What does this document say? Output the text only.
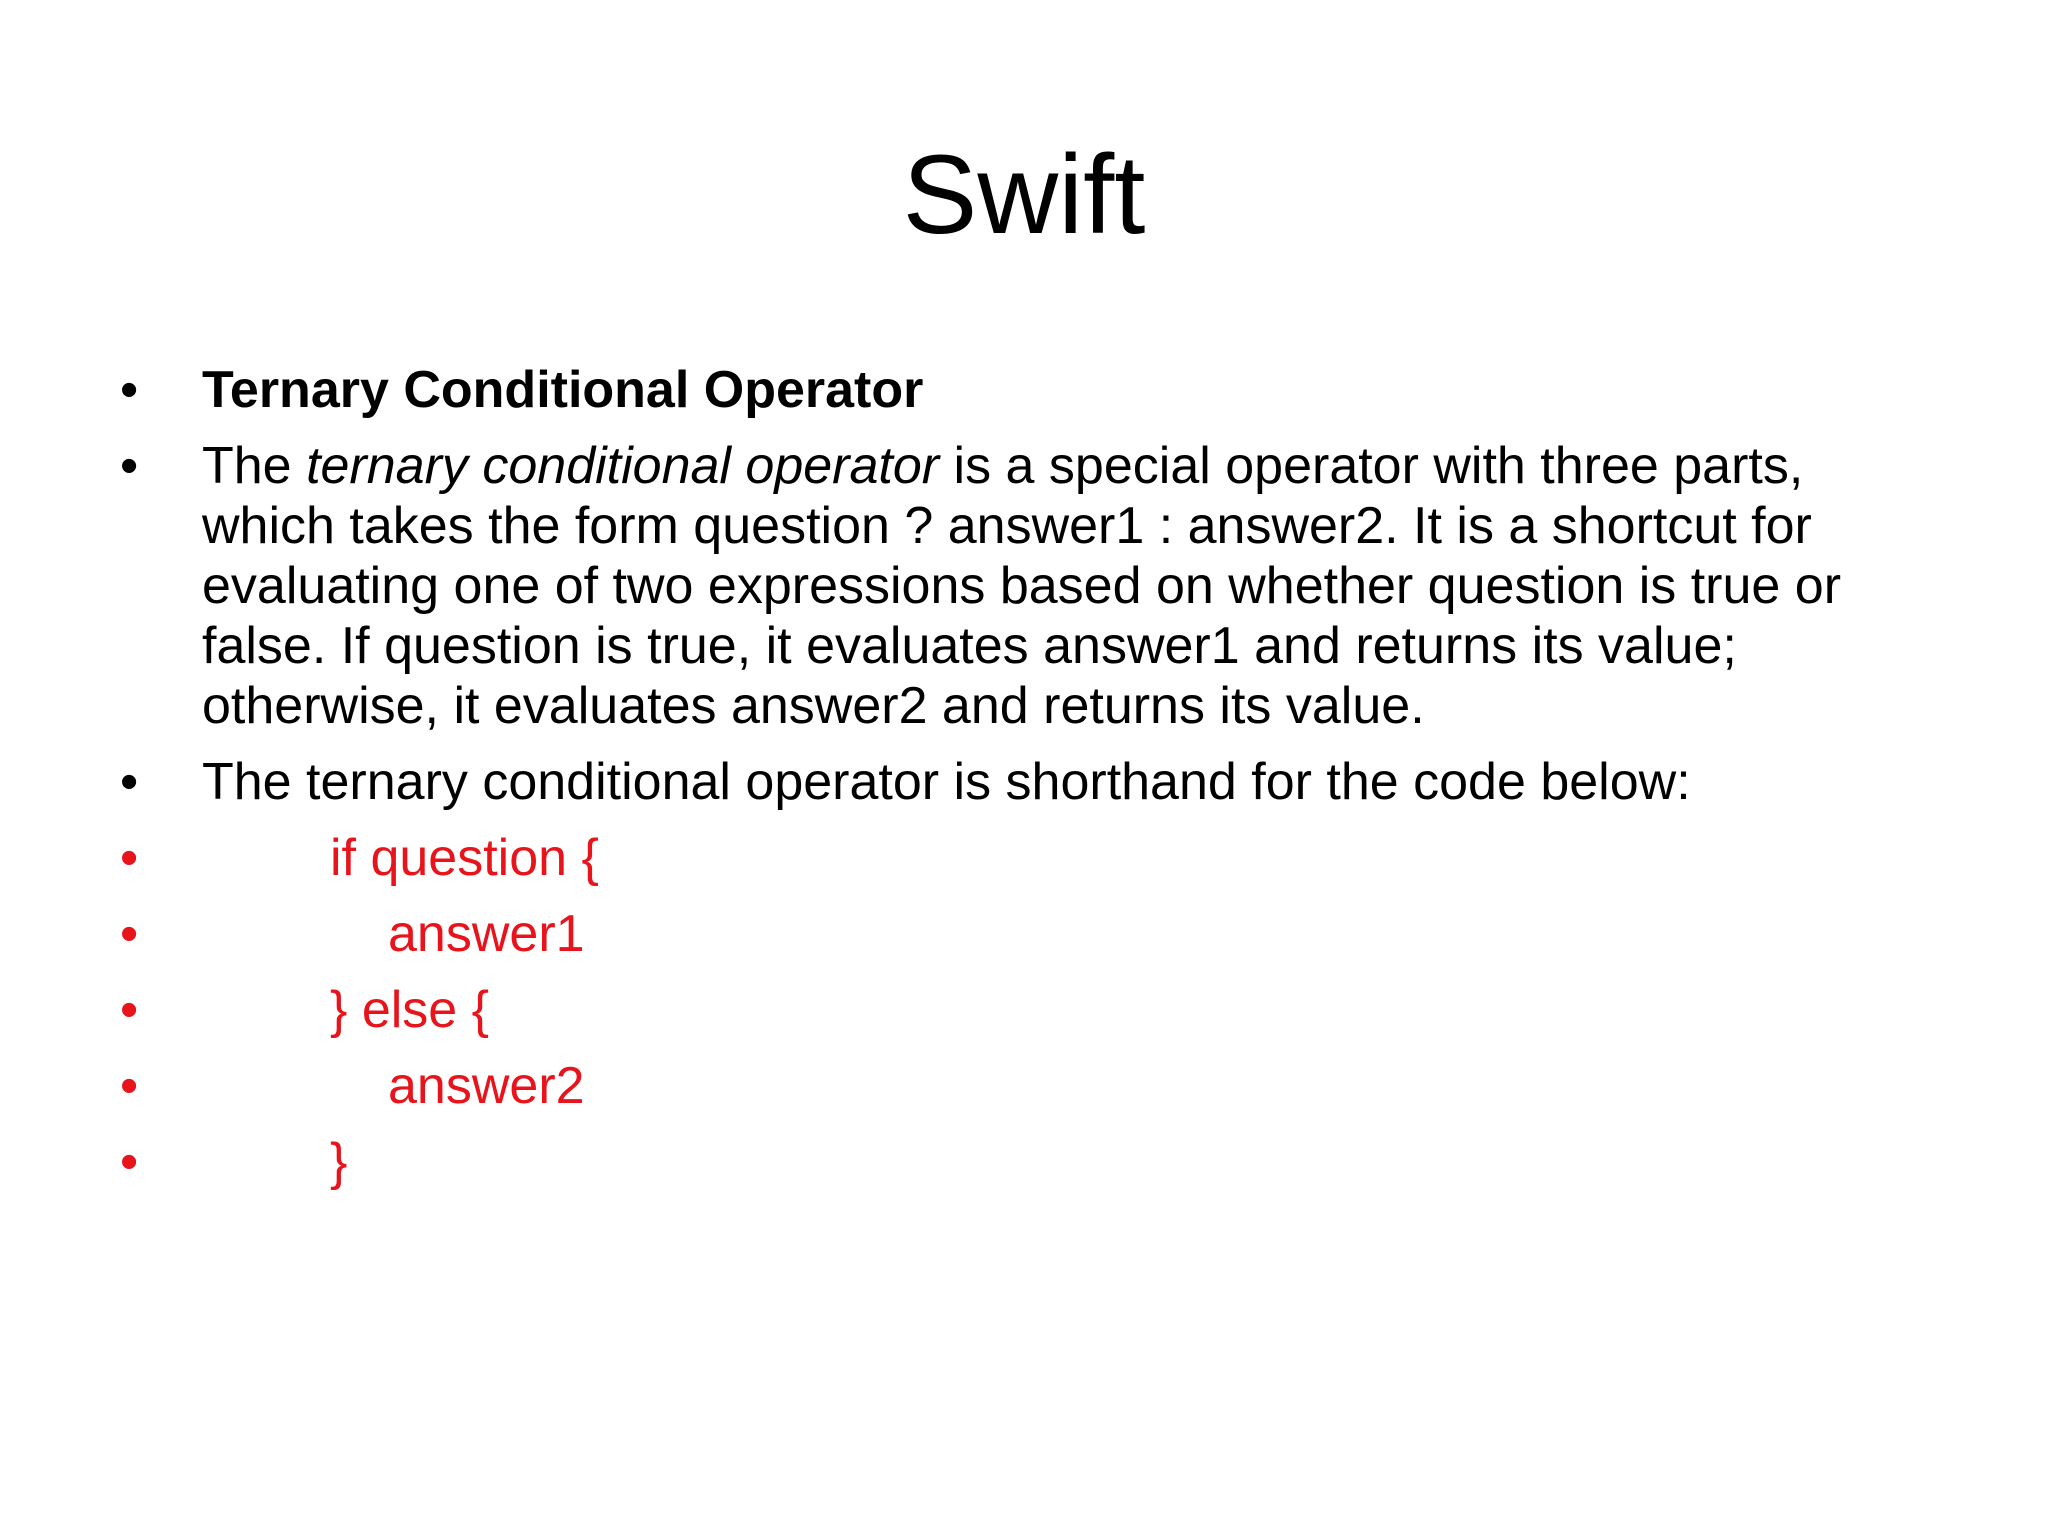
Swift
•	Ternary Conditional Operator
•	The ternary conditional operator is a special operator with three parts, which takes the form question ? answer1 : answer2. It is a shortcut for evaluating one of two expressions based on whether question is true or false. If question is true, it evaluates answer1 and returns its value; otherwise, it evaluates answer2 and returns its value.
•	The ternary conditional operator is shorthand for the code below:
•	if question {
•	answer1
•	} else {
•	answer2
•	}
